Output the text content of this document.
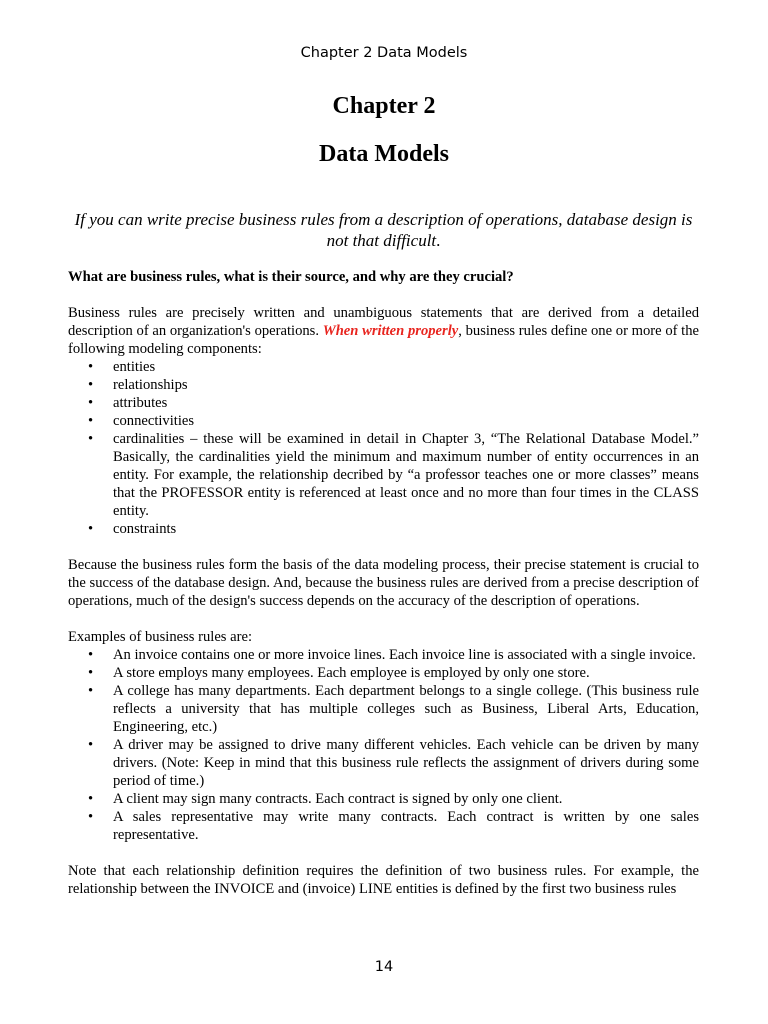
Chapter 2 Data Models
Chapter 2
Data Models
If you can write precise business rules from a description of operations, database design is not that difficult.

What are business rules, what is their source, and why are they crucial?

Business rules are precisely written and unambiguous statements that are derived from a detailed description of an organization's operations. When written properly, business rules define one or more of the following modeling components:

• entities
• relationships
• attributes
• connectivities
• cardinalities – these will be examined in detail in Chapter 3, “The Relational Database Model.” Basically, the cardinalities yield the minimum and maximum number of entity occurrences in an entity. For example, the relationship decribed by “a professor teaches one or more classes” means that the PROFESSOR entity is referenced at least once and no more than four times in the CLASS entity.
• constraints

Because the business rules form the basis of the data modeling process, their precise statement is crucial to the success of the database design. And, because the business rules are derived from a precise description of operations, much of the design's success depends on the accuracy of the description of operations.

Examples of business rules are:

• An invoice contains one or more invoice lines. Each invoice line is associated with a single invoice.
• A store employs many employees. Each employee is employed by only one store.
• A college has many departments. Each department belongs to a single college. (This business rule reflects a university that has multiple colleges such as Business, Liberal Arts, Education, Engineering, etc.)
• A driver may be assigned to drive many different vehicles. Each vehicle can be driven by many drivers. (Note: Keep in mind that this business rule reflects the assignment of drivers during some period of time.)
• A client may sign many contracts. Each contract is signed by only one client.
• A sales representative may write many contracts. Each contract is written by one sales representative.

Note that each relationship definition requires the definition of two business rules. For example, the relationship between the INVOICE and (invoice) LINE entities is defined by the first two business rules

14
